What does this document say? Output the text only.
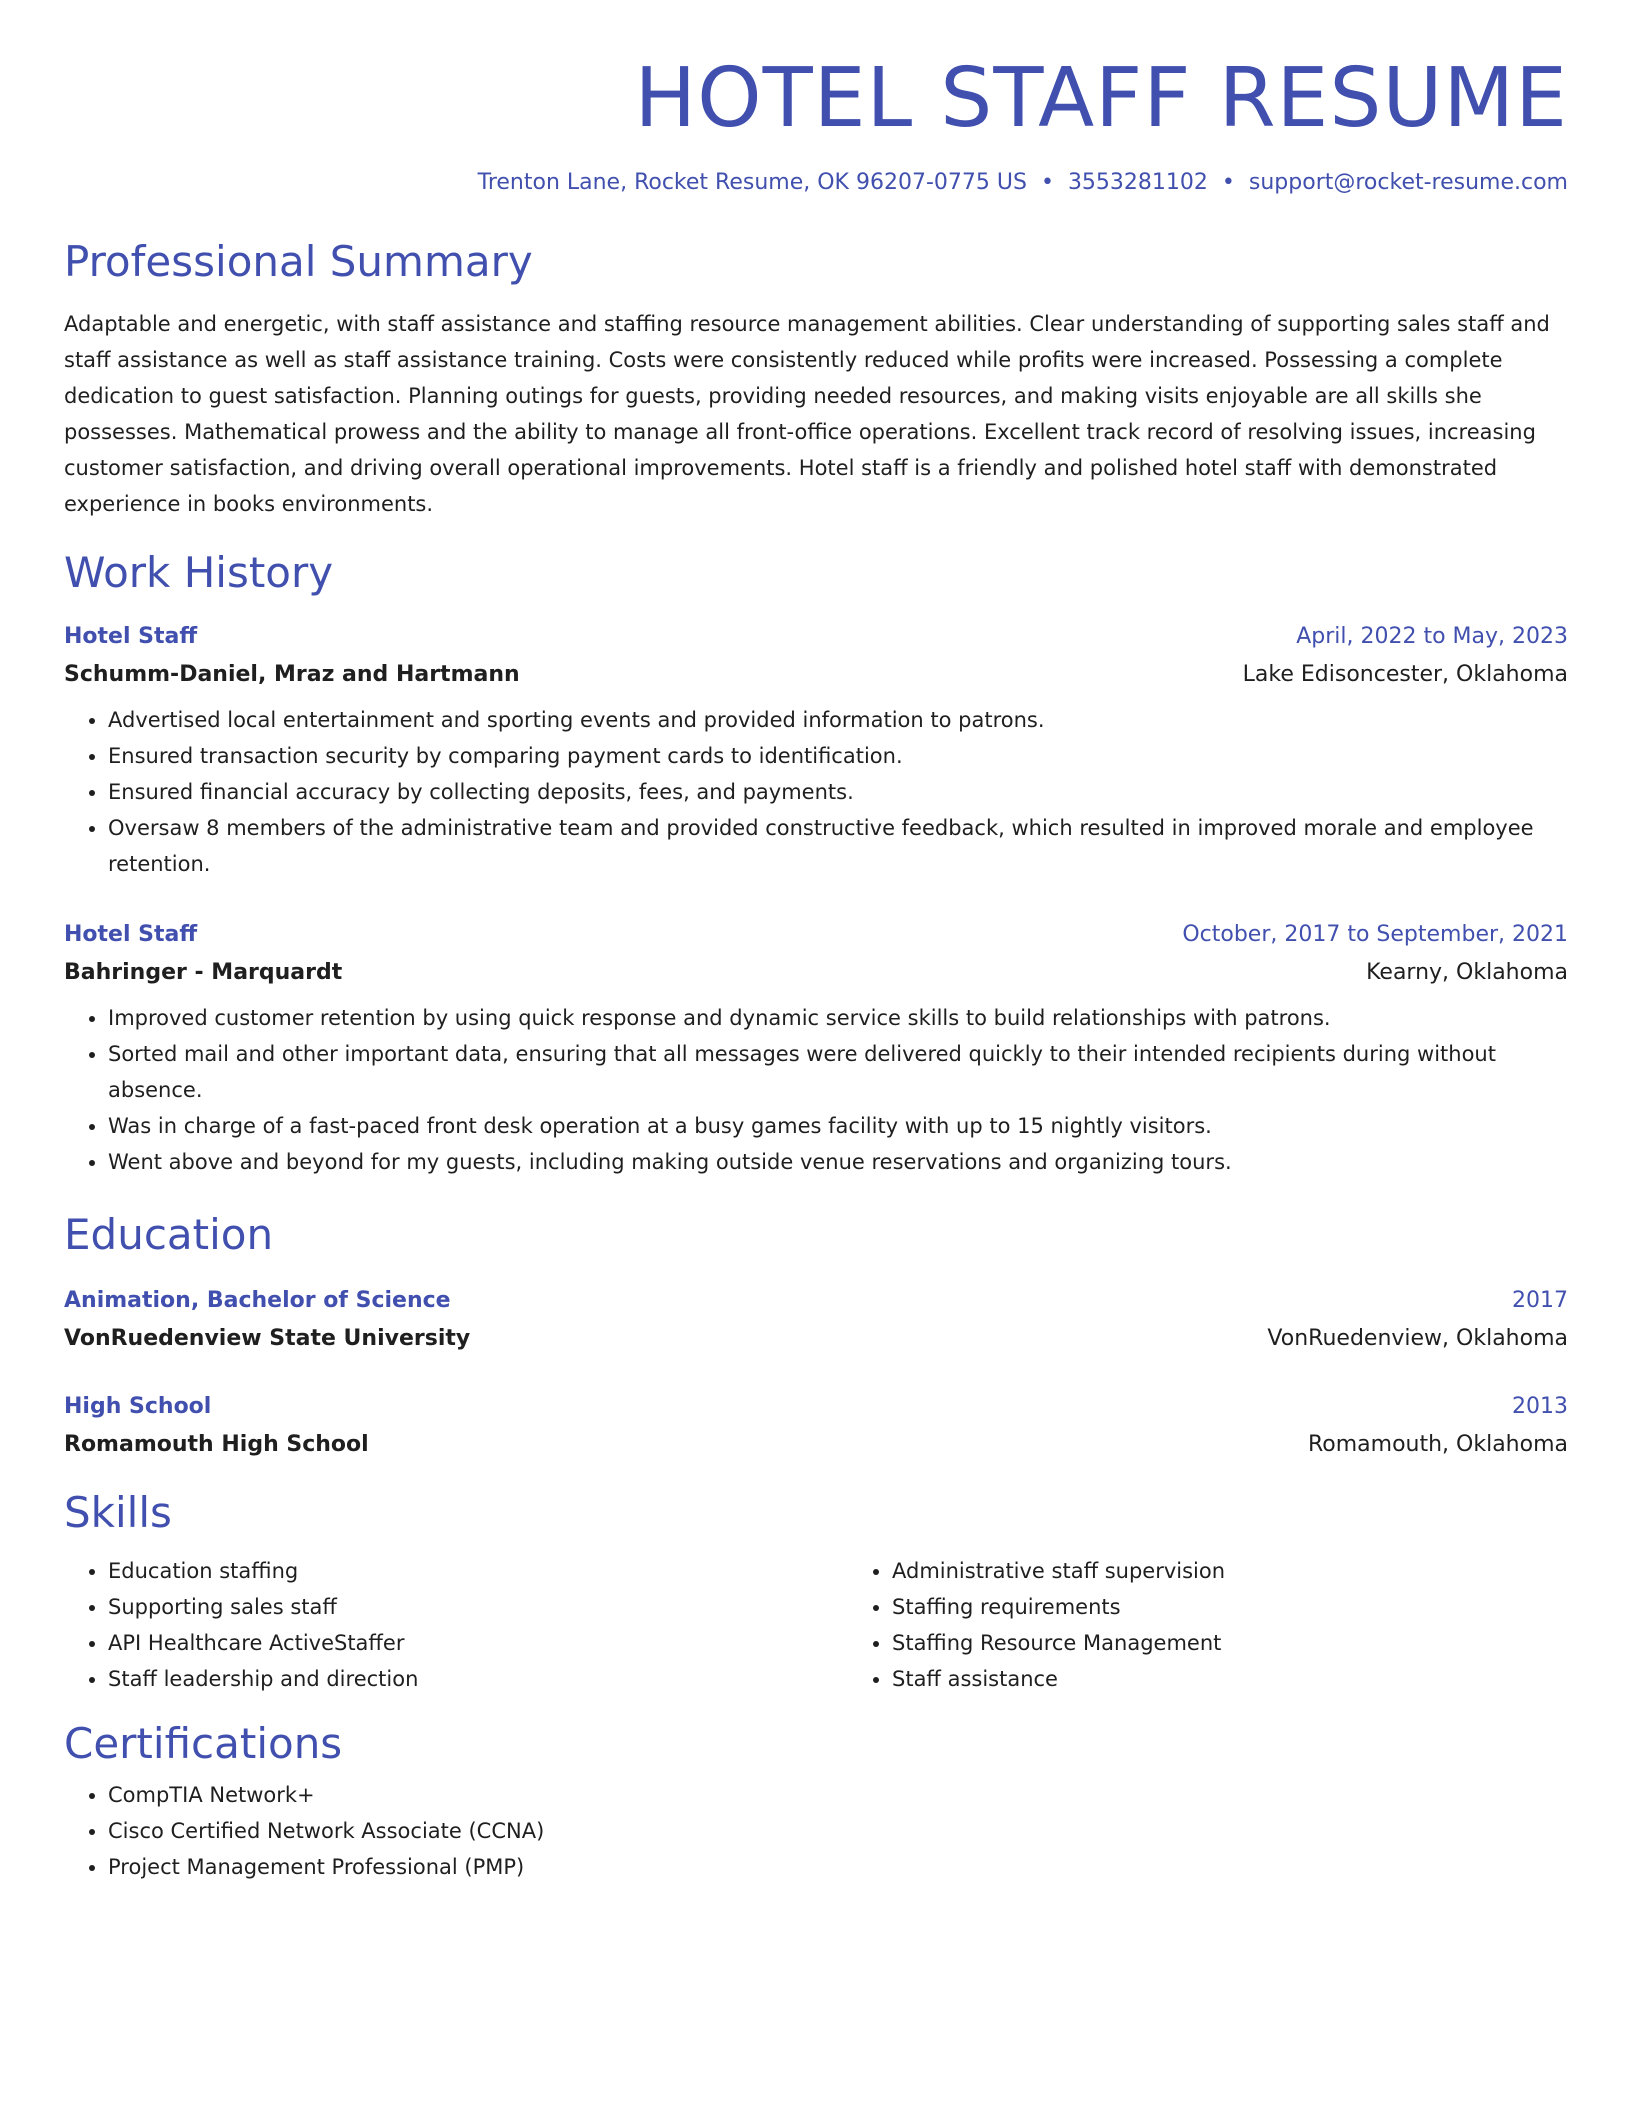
HOTEL STAFF RESUME
Trenton Lane, Rocket Resume, OK 96207-0775 US • 3553281102 • support@rocket-resume.com
Professional Summary

Adaptable and energetic, with staff assistance and staffing resource management abilities. Clear understanding of supporting sales staff and staff assistance as well as staff assistance training. Costs were consistently reduced while profits were increased. Possessing a complete dedication to guest satisfaction. Planning outings for guests, providing needed resources, and making visits enjoyable are all skills she possesses. Mathematical prowess and the ability to manage all front-office operations. Excellent track record of resolving issues, increasing customer satisfaction, and driving overall operational improvements. Hotel staff is a friendly and polished hotel staff with demonstrated experience in books environments.

Work History
Hotel Staff	April, 2022 to May, 2023
Schumm-Daniel, Mraz and Hartmann	Lake Edisoncester, Oklahoma
• Advertised local entertainment and sporting events and provided information to patrons.
• Ensured transaction security by comparing payment cards to identification.
• Ensured financial accuracy by collecting deposits, fees, and payments.
• Oversaw 8 members of the administrative team and provided constructive feedback, which resulted in improved morale and employee retention.
Hotel Staff	October, 2017 to September, 2021
Bahringer - Marquardt	Kearny, Oklahoma
• Improved customer retention by using quick response and dynamic service skills to build relationships with patrons.
• Sorted mail and other important data, ensuring that all messages were delivered quickly to their intended recipients during without absence.
• Was in charge of a fast-paced front desk operation at a busy games facility with up to 15 nightly visitors.
• Went above and beyond for my guests, including making outside venue reservations and organizing tours.
Education
Animation, Bachelor of Science	2017
VonRuedenview State University	VonRuedenview, Oklahoma
High School	2013
Romamouth High School	Romamouth, Oklahoma
Skills
• Education staffing
• Supporting sales staff
• API Healthcare ActiveStaffer
• Staff leadership and direction
• Administrative staff supervision
• Staffing requirements
• Staffing Resource Management
• Staff assistance
Certifications
• CompTIA Network+
• Cisco Certified Network Associate (CCNA)
• Project Management Professional (PMP)
